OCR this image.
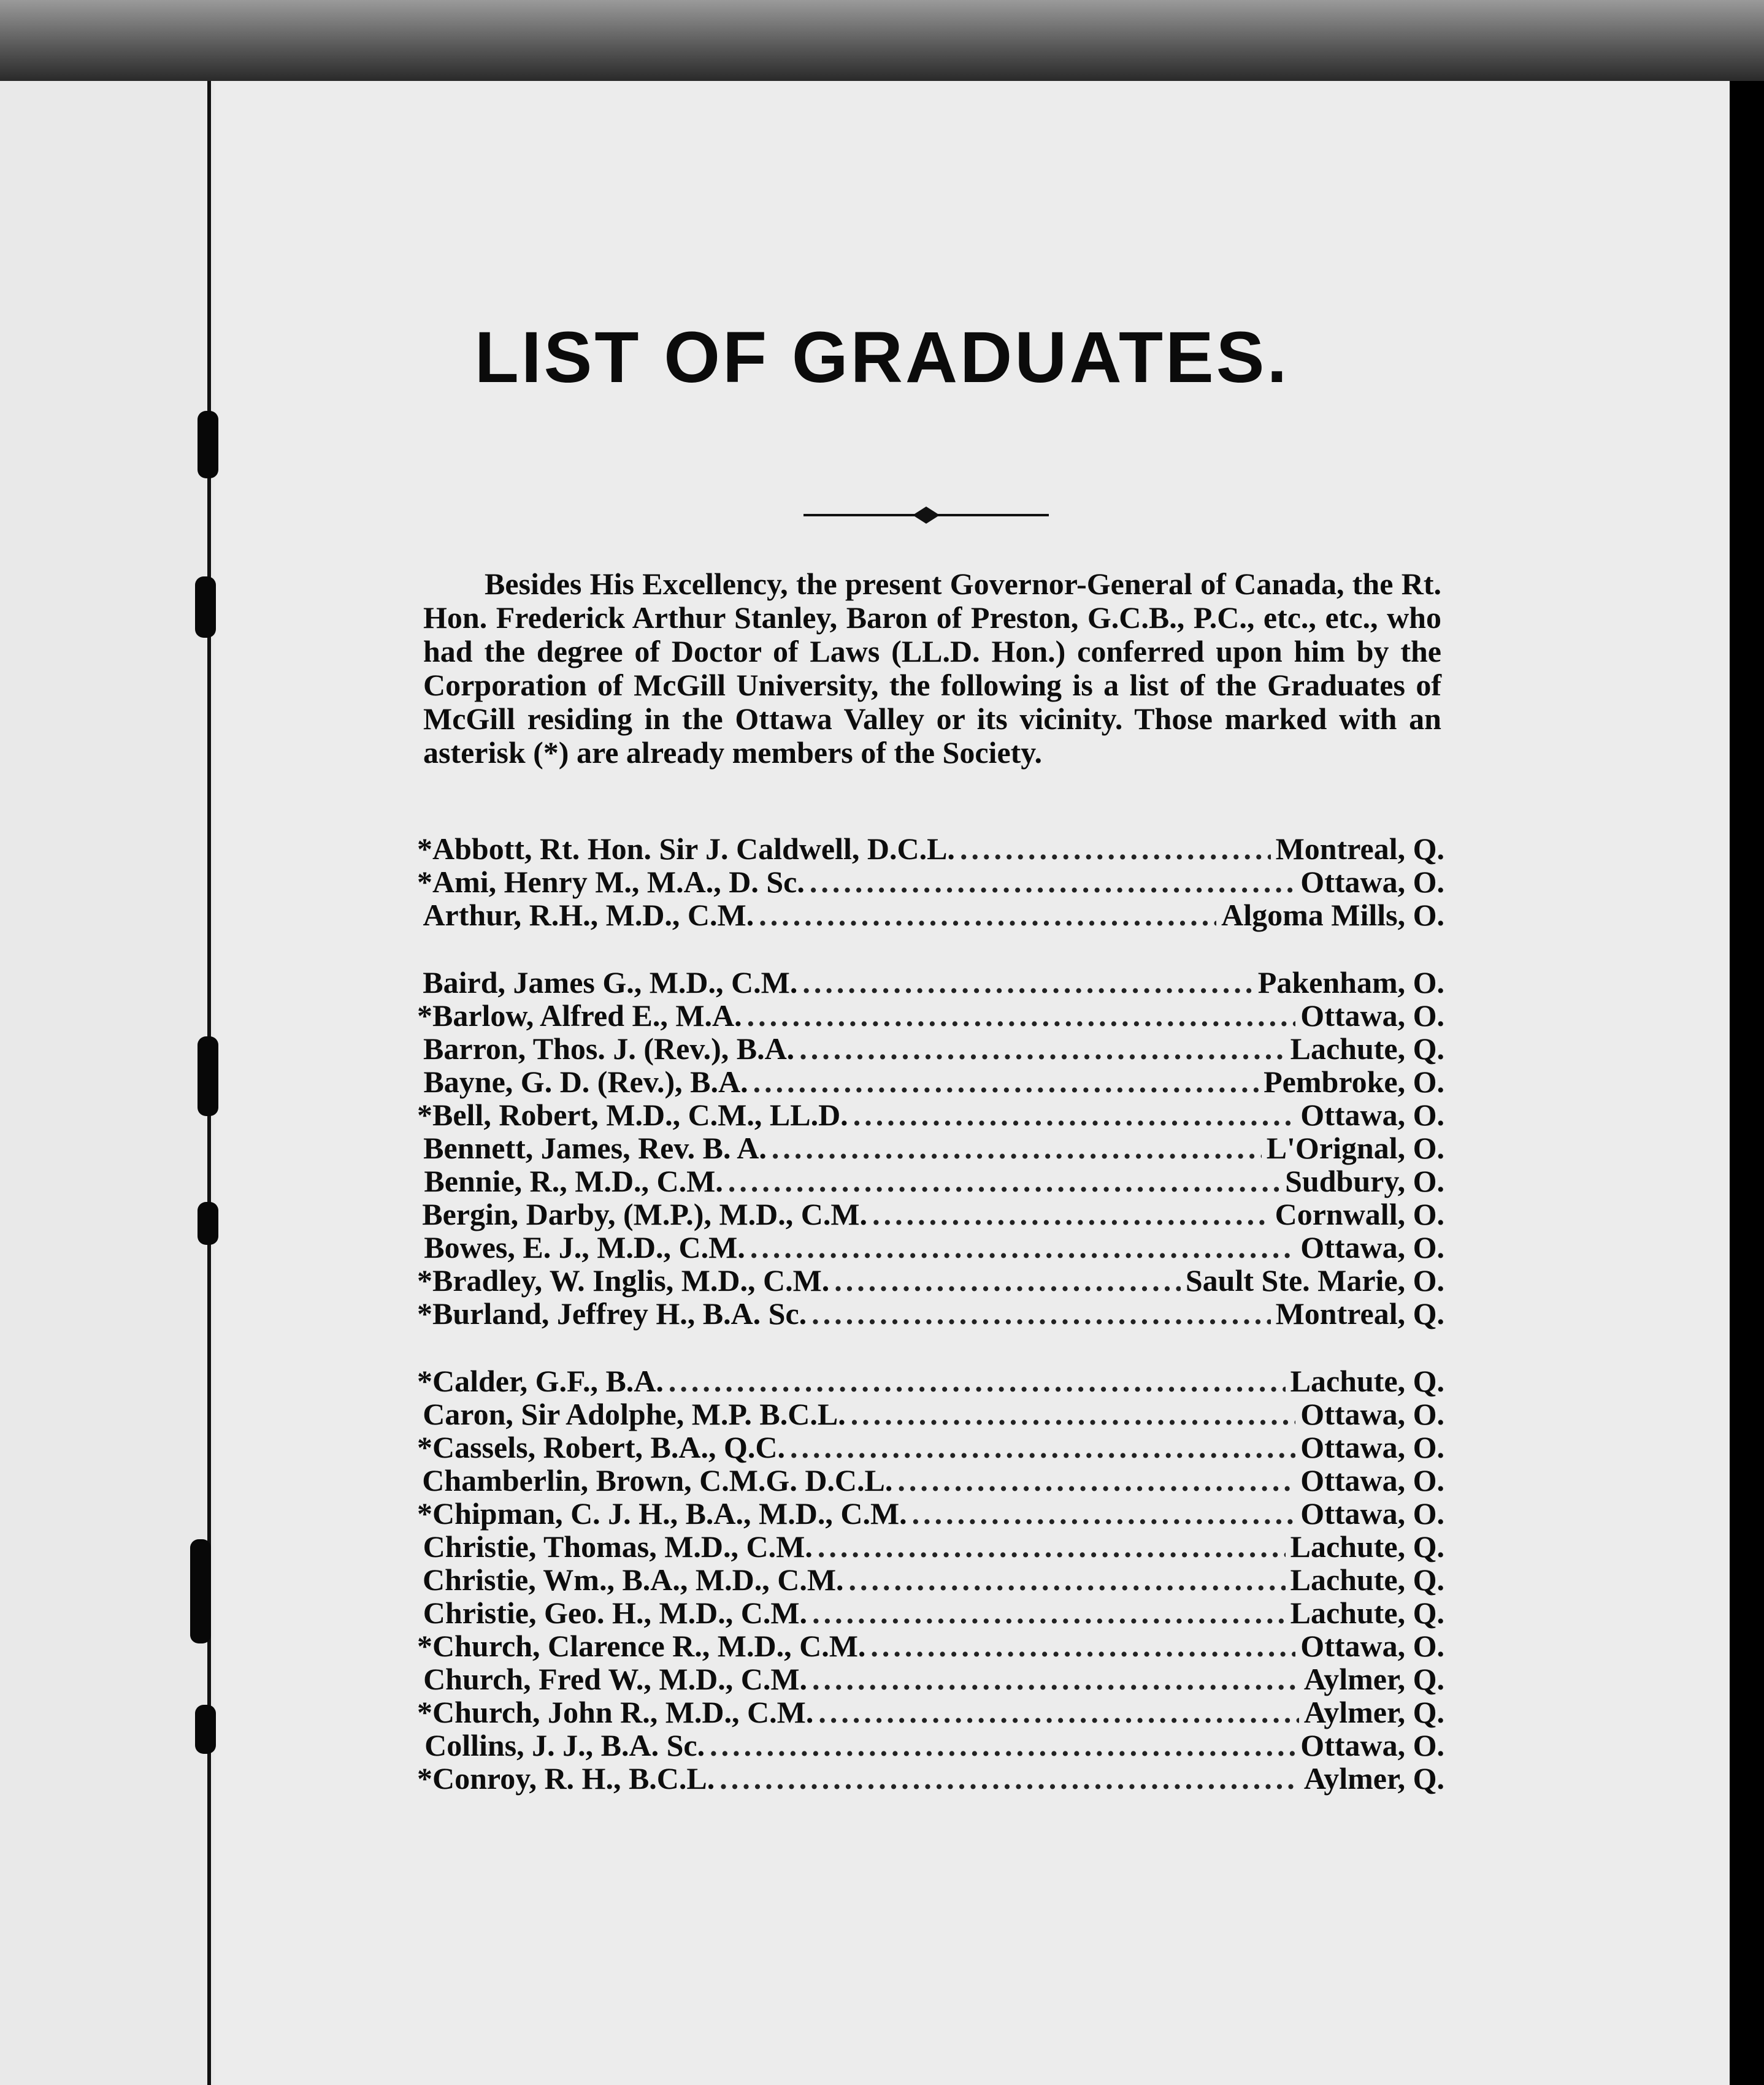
LIST OF GRADUATES.

Besides His Excellency, the present Governor-General of Canada, the Rt. Hon. Frederick Arthur Stanley, Baron of Preston, G.C.B., P.C., etc., etc., who had the degree of Doctor of Laws (LL.D. Hon.) conferred upon him by the Corporation of McGill University, the following is a list of the Graduates of McGill residing in the Ottawa Valley or its vicinity. Those marked with an asterisk (*) are already members of the Society.

* Abbott, Rt. Hon. Sir J. Caldwell, D.C.L. .....	Montreal, Q.
* Ami, Henry M., M.A., D. Sc. .....	Ottawa, O.
Arthur, R.H., M.D., C.M. .....	Algoma Mills, O.
Baird, James G., M.D., C.M. .....	Pakenham, O.
* Barlow, Alfred E., M.A. .....	Ottawa, O.
Barron, Thos. J. (Rev.), B.A. .....	Lachute, Q.
Bayne, G. D. (Rev.), B.A. .....	Pembroke, O.
* Bell, Robert, M.D., C.M., LL.D. .....	Ottawa, O.
Bennett, James, Rev. B. A. .....	L'Orignal, O.
Bennie, R., M.D., C.M. .....	Sudbury, O.
Bergin, Darby, (M.P.), M.D., C.M. .....	Cornwall, O.
Bowes, E. J., M.D., C.M. .....	Ottawa, O.
* Bradley, W. Inglis, M.D., C.M. .....	Sault Ste. Marie, O.
* Burland, Jeffrey H., B.A. Sc. .....	Montreal, Q.
* Calder, G.F., B.A. .....	Lachute, Q.
Caron, Sir Adolphe, M.P. B.C.L. .....	Ottawa, O.
* Cassels, Robert, B.A., Q.C. .....	Ottawa, O.
Chamberlin, Brown, C.M.G. D.C.L. .....	Ottawa, O.
* Chipman, C. J. H., B.A., M.D., C.M. .....	Ottawa, O.
Christie, Thomas, M.D., C.M. .....	Lachute, Q.
Christie, Wm., B.A., M.D., C.M. .....	Lachute, Q.
Christie, Geo. H., M.D., C.M. .....	Lachute, Q.
* Church, Clarence R., M.D., C.M. .....	Ottawa, O.
Church, Fred W., M.D., C.M. .....	Aylmer, Q.
* Church, John R., M.D., C.M. .....	Aylmer, Q.
Collins, J. J., B.A. Sc. .....	Ottawa, O.
* Conroy, R. H., B.C.L. .....	Aylmer, Q.
